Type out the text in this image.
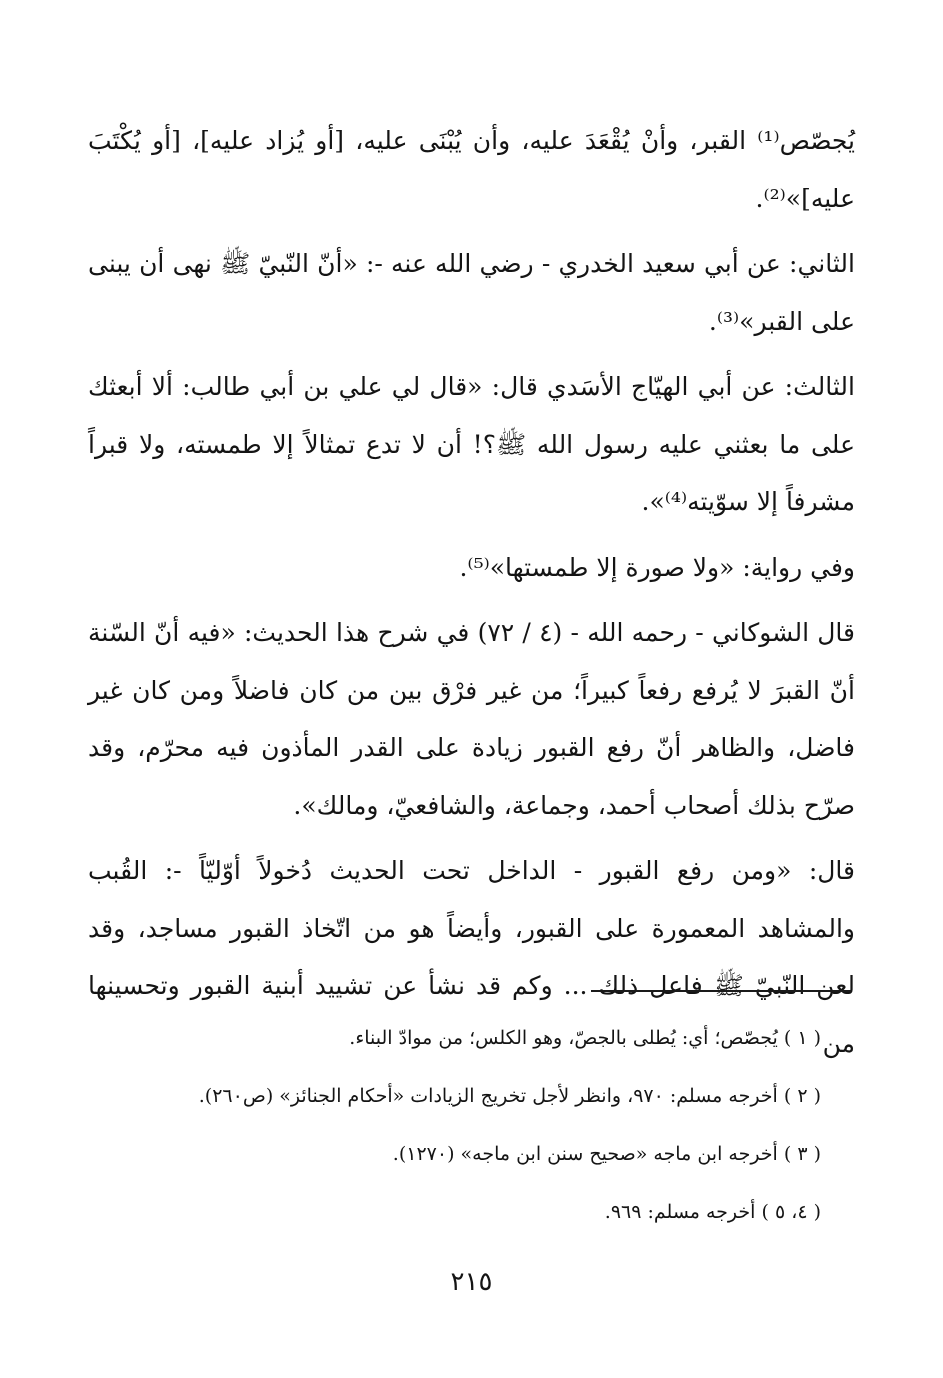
يُجصّص⁽¹⁾ القبر، وأنْ يُقْعَدَ عليه، وأن يُبْنَى عليه، [أو يُزاد عليه]، [أو يُكْتَبَ عليه]»⁽²⁾.

الثاني: عن أبي سعيد الخدري - رضي الله عنه -: «أنّ النّبيّ ﷺ نهى أن يبنى على القبر»⁽³⁾.

الثالث: عن أبي الهيّاج الأسَدي قال: «قال لي علي بن أبي طالب: ألا أبعثك على ما بعثني عليه رسول الله ﷺ؟! أن لا تدع تمثالاً إلا طمسته، ولا قبراً مشرفاً إلا سوّيته⁽⁴⁾».

وفي رواية: «ولا صورة إلا طمستها»⁽⁵⁾.

قال الشوكاني - رحمه الله - (٤ / ٧٢) في شرح هذا الحديث: «فيه أنّ السّنة أنّ القبرَ لا يُرفع رفعاً كبيراً؛ من غير فرْق بين من كان فاضلاً ومن كان غير فاضل، والظاهر أنّ رفع القبور زيادة على القدر المأذون فيه محرّم، وقد صرّح بذلك أصحاب أحمد، وجماعة، والشافعيّ، ومالك».

قال: «ومن رفع القبور - الداخل تحت الحديث دُخولاً أوّليّاً -: القُبب والمشاهد المعمورة على القبور، وأيضاً هو من اتّخاذ القبور مساجد، وقد لعن النّبيّ ﷺ فاعل ذلك ... وكم قد نشأ عن تشييد أبنية القبور وتحسينها من

( ١ ) يُجصّص؛ أي: يُطلى بالجصّ، وهو الكلس؛ من موادّ البناء.

( ٢ ) أخرجه مسلم: ٩٧٠، وانظر لأجل تخريج الزيادات «أحكام الجنائز» (ص٢٦٠).

( ٣ ) أخرجه ابن ماجه «صحيح سنن ابن ماجه» (١٢٧٠).

( ٤، ٥ ) أخرجه مسلم: ٩٦٩.

٢١٥
